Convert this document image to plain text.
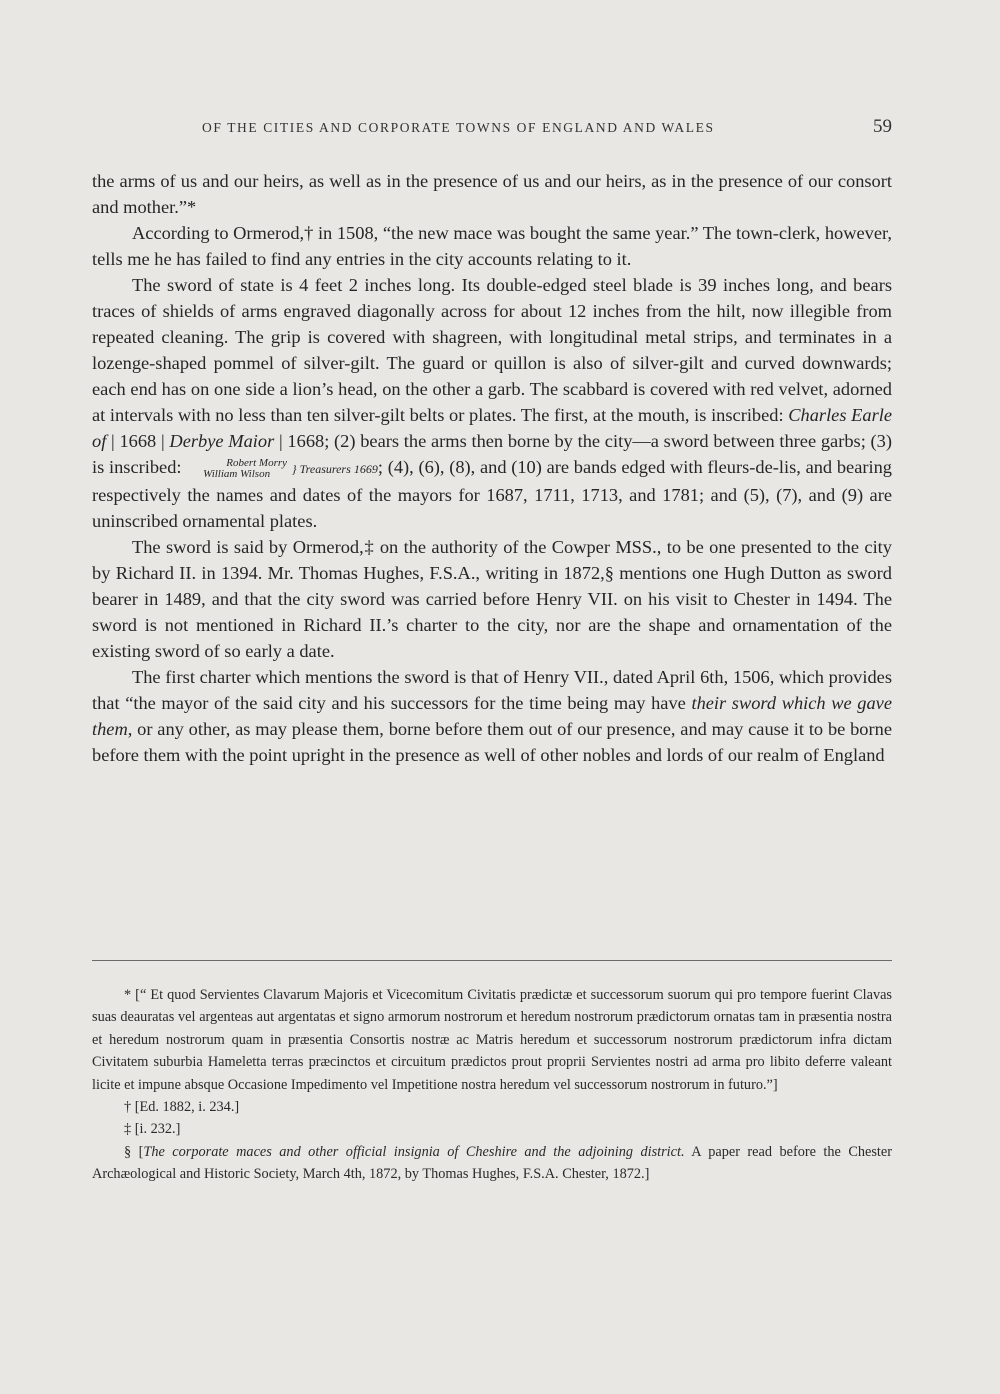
OF THE CITIES AND CORPORATE TOWNS OF ENGLAND AND WALES	59

the arms of us and our heirs, as well as in the presence of us and our heirs, as in the presence of our consort and mother.”*

According to Ormerod,† in 1508, “the new mace was bought the same year.” The town-clerk, however, tells me he has failed to find any entries in the city accounts relating to it.

The sword of state is 4 feet 2 inches long. Its double-edged steel blade is 39 inches long, and bears traces of shields of arms engraved diagonally across for about 12 inches from the hilt, now illegible from repeated cleaning. The grip is covered with shagreen, with longitudinal metal strips, and terminates in a lozenge-shaped pommel of silver-gilt. The guard or quillon is also of silver-gilt and curved downwards; each end has on one side a lion’s head, on the other a garb. The scabbard is covered with red velvet, adorned at intervals with no less than ten silver-gilt belts or plates. The first, at the mouth, is inscribed: Charles Earle of | 1668 | Derbye Maior | 1668; (2) bears the arms then borne by the city—a sword between three garbs; (3) is inscribed:	Robert Morry
William Wilson } Treasurers 1669; (4), (6), (8), and (10) are bands edged with fleurs-de-lis, and bearing respectively the names and dates of the mayors for 1687, 1711, 1713, and 1781; and (5), (7), and (9) are uninscribed ornamental plates.

The sword is said by Ormerod,‡ on the authority of the Cowper MSS., to be one presented to the city by Richard II. in 1394. Mr. Thomas Hughes, F.S.A., writing in 1872,§ mentions one Hugh Dutton as sword bearer in 1489, and that the city sword was carried before Henry VII. on his visit to Chester in 1494. The sword is not mentioned in Richard II.’s charter to the city, nor are the shape and ornamentation of the existing sword of so early a date.

The first charter which mentions the sword is that of Henry VII., dated April 6th, 1506, which provides that “the mayor of the said city and his successors for the time being may have their sword which we gave them, or any other, as may please them, borne before them out of our presence, and may cause it to be borne before them with the point upright in the presence as well of other nobles and lords of our realm of England

* [“ Et quod Servientes Clavarum Majoris et Vicecomitum Civitatis prædictæ et successorum suorum qui pro tempore fuerint Clavas suas deauratas vel argenteas aut argentatas et signo armorum nostrorum et heredum nostrorum prædictorum ornatas tam in præsentia nostra et heredum nostrorum quam in præsentia Consortis nostræ ac Matris heredum et successorum nostrorum prædictorum infra dictam Civitatem suburbia Hameletta terras præcinctos et circuitum prædictos prout proprii Servientes nostri ad arma pro libito deferre valeant licite et impune absque Occasione Impedimento vel Impetitione nostra heredum vel successorum nostrorum in futuro.”]

† [Ed. 1882, i. 234.]

‡ [i. 232.]

§ [The corporate maces and other official insignia of Cheshire and the adjoining district. A paper read before the Chester Archæological and Historic Society, March 4th, 1872, by Thomas Hughes, F.S.A. Chester, 1872.]
